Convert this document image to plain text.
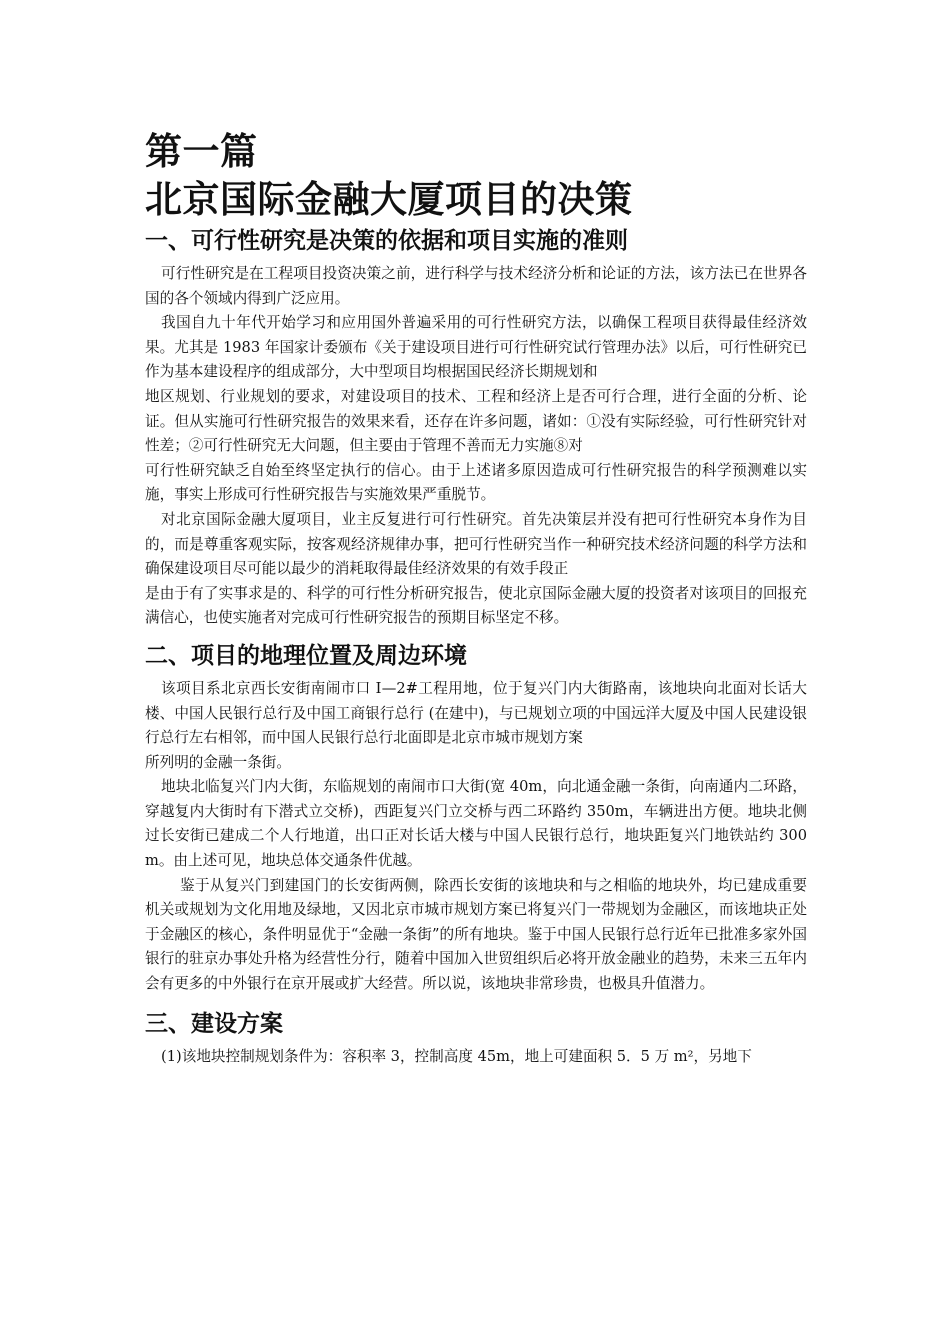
第一篇
北京国际金融大厦项目的决策
一、可行性研究是决策的依据和项目实施的准则

可行性研究是在工程项目投资决策之前，进行科学与技术经济分析和论证的方法，该方法已在世界各国的各个领域内得到广泛应用。

我国自九十年代开始学习和应用国外普遍采用的可行性研究方法，以确保工程项目获得最佳经济效果。尤其是 1983 年国家计委颁布《关于建设项目进行可行性研究试行管理办法》以后，可行性研究已作为基本建设程序的组成部分，大中型项目均根据国民经济长期规划和

地区规划、行业规划的要求，对建设项目的技术、工程和经济上是否可行合理，进行全面的分析、论证。但从实施可行性研究报告的效果来看，还存在许多问题，诸如：①没有实际经验，可行性研究针对性差；②可行性研究无大问题，但主要由于管理不善而无力实施⑧对

可行性研究缺乏自始至终坚定执行的信心。由于上述诸多原因造成可行性研究报告的科学预测难以实施，事实上形成可行性研究报告与实施效果严重脱节。

对北京国际金融大厦项目，业主反复进行可行性研究。首先决策层并没有把可行性研究本身作为目的，而是尊重客观实际，按客观经济规律办事，把可行性研究当作一种研究技术经济问题的科学方法和确保建设项目尽可能以最少的消耗取得最佳经济效果的有效手段正

是由于有了实事求是的、科学的可行性分析研究报告，使北京国际金融大厦的投资者对该项目的回报充满信心，也使实施者对完成可行性研究报告的预期目标坚定不移。

二、项目的地理位置及周边环境

该项目系北京西长安街南闹市口 Ⅰ—2#工程用地，位于复兴门内大街路南，该地块向北面对长话大楼、中国人民银行总行及中国工商银行总行 (在建中)，与已规划立项的中国远洋大厦及中国人民建设银行总行左右相邻，而中国人民银行总行北面即是北京市城市规划方案

所列明的金融一条街。

地块北临复兴门内大街，东临规划的南闹市口大街(宽 40m，向北通金融一条街，向南通内二环路，穿越复内大街时有下潜式立交桥)，西距复兴门立交桥与西二环路约 350m，车辆进出方便。地块北侧过长安街已建成二个人行地道，出口正对长话大楼与中国人民银行总行，地块距复兴门地铁站约 300m。由上述可见，地块总体交通条件优越。

鉴于从复兴门到建国门的长安街两侧，除西长安街的该地块和与之相临的地块外，均已建成重要机关或规划为文化用地及绿地，又因北京市城市规划方案已将复兴门一带规划为金融区，而该地块正处于金融区的核心，条件明显优于“金融一条街”的所有地块。鉴于中国人民银行总行近年已批准多家外国银行的驻京办事处升格为经营性分行，随着中国加入世贸组织后必将开放金融业的趋势，未来三五年内会有更多的中外银行在京开展或扩大经营。所以说，该地块非常珍贵，也极具升值潜力。

三、建设方案

(1)该地块控制规划条件为：容积率 3，控制高度 45m，地上可建面积 5．5 万 m²，另地下
